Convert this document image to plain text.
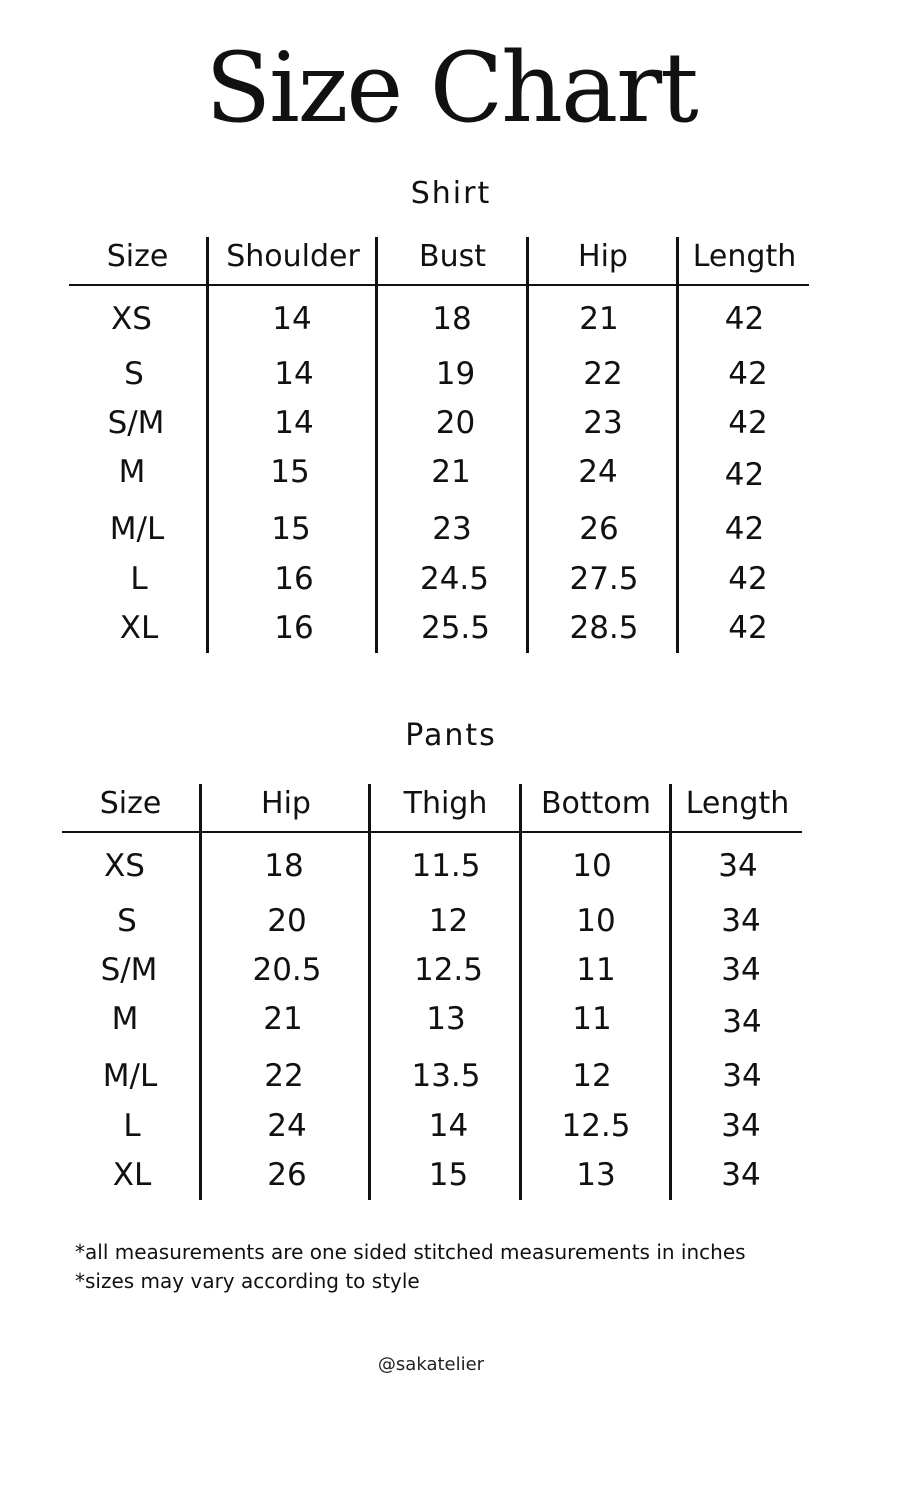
Size Chart
Shirt
Size	Shoulder	Bust	Hip	Length
XS	14	18	21	42
S	14	19	22	42
S/M	14	20	23	42
M	15	21	24	42
M/L	15	23	26	42
L	16	24.5	27.5	42
XL	16	25.5	28.5	42
Pants
Size	Hip	Thigh	Bottom	Length
XS	18	11.5	10	34
S	20	12	10	34
S/M	20.5	12.5	11	34
M	21	13	11	34
M/L	22	13.5	12	34
L	24	14	12.5	34
XL	26	15	13	34
*all measurements are one sided stitched measurements in inches
*sizes may vary according to style
@sakatelier
